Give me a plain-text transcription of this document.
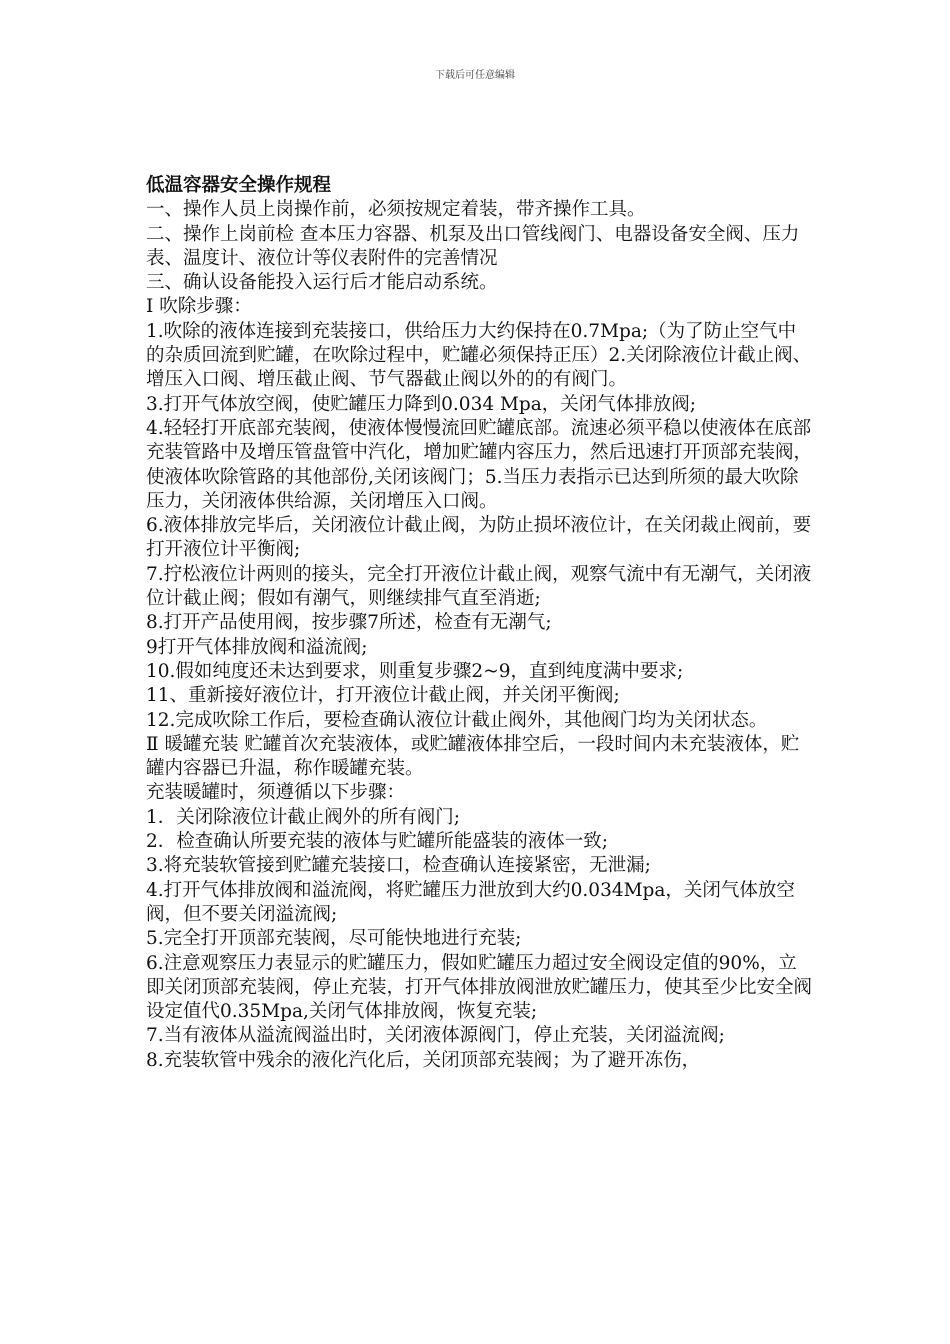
下载后可任意编辑
低温容器安全操作规程

一、操作人员上岗操作前，必须按规定着装，带齐操作工具。

二、操作上岗前检 查本压力容器、机泵及出口管线阀门、电器设备安全阀、压力表、温度计、液位计等仪表附件的完善情况

三、确认设备能投入运行后才能启动系统。

Ⅰ 吹除步骤：

1.吹除的液体连接到充装接口，供给压力大约保持在0.7Mpa;（为了防止空气中的杂质回流到贮罐，在吹除过程中，贮罐必须保持正压）2.关闭除液位计截止阀、增压入口阀、增压截止阀、节气器截止阀以外的的有阀门。

3.打开气体放空阀，使贮罐压力降到0.034 Mpa，关闭气体排放阀;

4.轻轻打开底部充装阀，使液体慢慢流回贮罐底部。流速必须平稳以使液体在底部充装管路中及增压管盘管中汽化，增加贮罐内容压力，然后迅速打开顶部充装阀，使液体吹除管路的其他部份,关闭该阀门；5.当压力表指示已达到所须的最大吹除压力，关闭液体供给源，关闭增压入口阀。

6.液体排放完毕后，关闭液位计截止阀，为防止损坏液位计，在关闭裁止阀前，要打开液位计平衡阀;

7.拧松液位计两则的接头，完全打开液位计截止阀，观察气流中有无潮气，关闭液位计截止阀；假如有潮气，则继续排气直至消逝;

8.打开产品使用阀，按步骤7所述，检查有无潮气;

9打开气体排放阀和溢流阀;

10.假如纯度还未达到要求，则重复步骤2~9，直到纯度满中要求;

11、重新接好液位计，打开液位计截止阀，并关闭平衡阀;

12.完成吹除工作后，要检查确认液位计截止阀外，其他阀门均为关闭状态。

Ⅱ 暖罐充装 贮罐首次充装液体，或贮罐液体排空后，一段时间内未充装液体，贮罐内容器已升温，称作暖罐充装。

充装暖罐时，须遵循以下步骤：

1．关闭除液位计截止阀外的所有阀门;

2．检查确认所要充装的液体与贮罐所能盛装的液体一致;

3.将充装软管接到贮罐充装接口，检查确认连接紧密，无泄漏;

4.打开气体排放阀和溢流阀，将贮罐压力泄放到大约0.034Mpa，关闭气体放空阀，但不要关闭溢流阀;

5.完全打开顶部充装阀，尽可能快地进行充装;

6.注意观察压力表显示的贮罐压力，假如贮罐压力超过安全阀设定值的90%，立即关闭顶部充装阀，停止充装，打开气体排放阀泄放贮罐压力，使其至少比安全阀设定值代0.35Mpa,关闭气体排放阀，恢复充装;

7.当有液体从溢流阀溢出时，关闭液体源阀门，停止充装，关闭溢流阀;

8.充装软管中残余的液化汽化后，关闭顶部充装阀；为了避开冻伤，
